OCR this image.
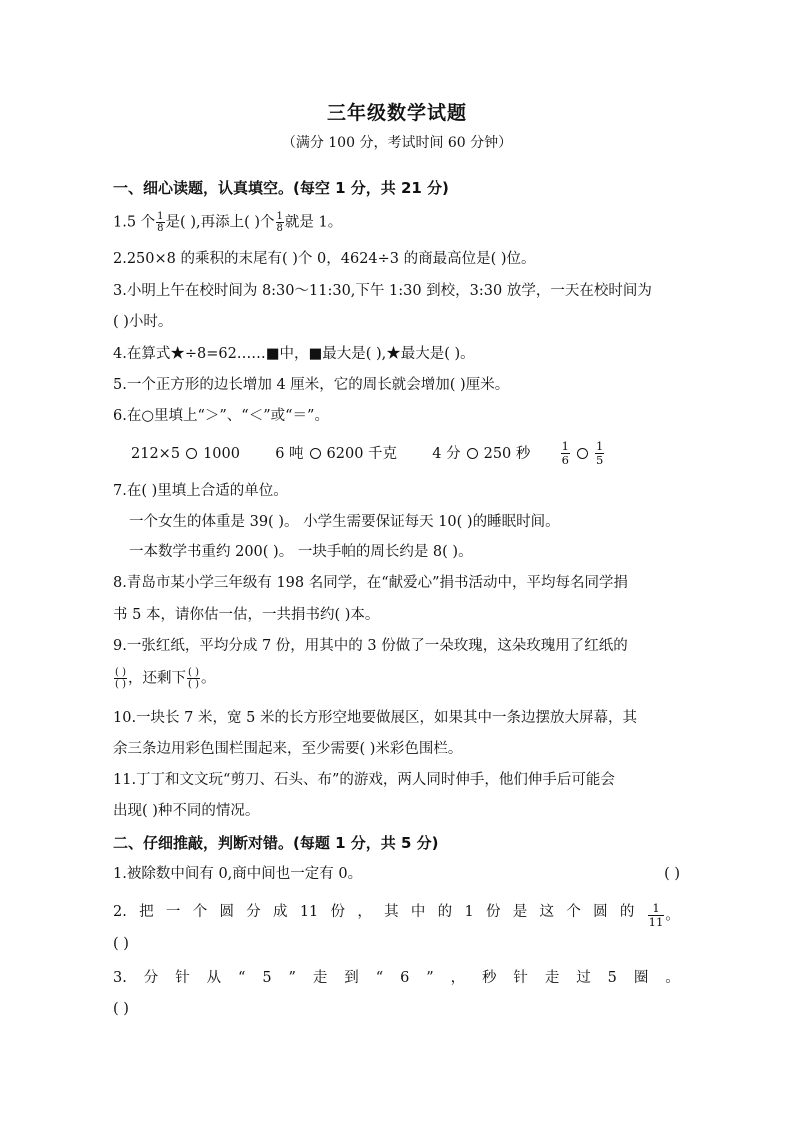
三年级数学试题
（满分 100 分，考试时间 60 分钟）
一、细心读题，认真填空。(每空 1 分，共 21 分)
1.5 个 $\frac{1}{8}$ 是( ),再添上( )个 $\frac{1}{8}$ 就是 1。
2.250×8 的乘积的末尾有( )个 0，4624÷3 的商最高位是( )位。
3.小明上午在校时间为 8:30～11:30,下午 1:30 到校，3:30 放学，一天在校时间为
( )小时。
4.在算式★÷8=62……■中，■最大是( ),★最大是( )。
5.一个正方形的边长增加 4 厘米，它的周长就会增加( )厘米。
6.在○里填上“＞”、“＜”或“＝”。
212×5 1000 6 吨 6200 千克 4 分 250 秒	$\frac{1}{6} \frac{1}{5}$
7.在( )里填上合适的单位。
一个女生的体重是 39( )。 小学生需要保证每天 10( )的睡眠时间。
一本数学书重约 200( )。 一块手帕的周长约是 8( )。
8.青岛市某小学三年级有 198 名同学，在“献爱心”捐书活动中，平均每名同学捐
书 5 本，请你估一估，一共捐书约( )本。
9.一张红纸，平均分成 7 份，用其中的 3 份做了一朵玫瑰，这朵玫瑰用了红纸的
$\frac{( )}{( )}$ ，还剩下 $\frac{( )}{( )}$ 。
10.一块长 7 米，宽 5 米的长方形空地要做展区，如果其中一条边摆放大屏幕，其
余三条边用彩色围栏围起来，至少需要( )米彩色围栏。
11.丁丁和文文玩“剪刀、石头、布”的游戏，两人同时伸手，他们伸手后可能会
出现( )种不同的情况。
二、仔细推敲，判断对错。(每题 1 分，共 5 分)
1.被除数中间有 0,商中间也一定有 0。	( )
2. 把 一 个 圆 分 成 11 份 ， 其 中 的 1 份 是 这 个 圆 的 $\frac{1}{11}$ 。
( )
3. 分 针 从 “ 5 ” 走 到 “ 6 ” ， 秒 针 走 过 5 圈 。
( )
